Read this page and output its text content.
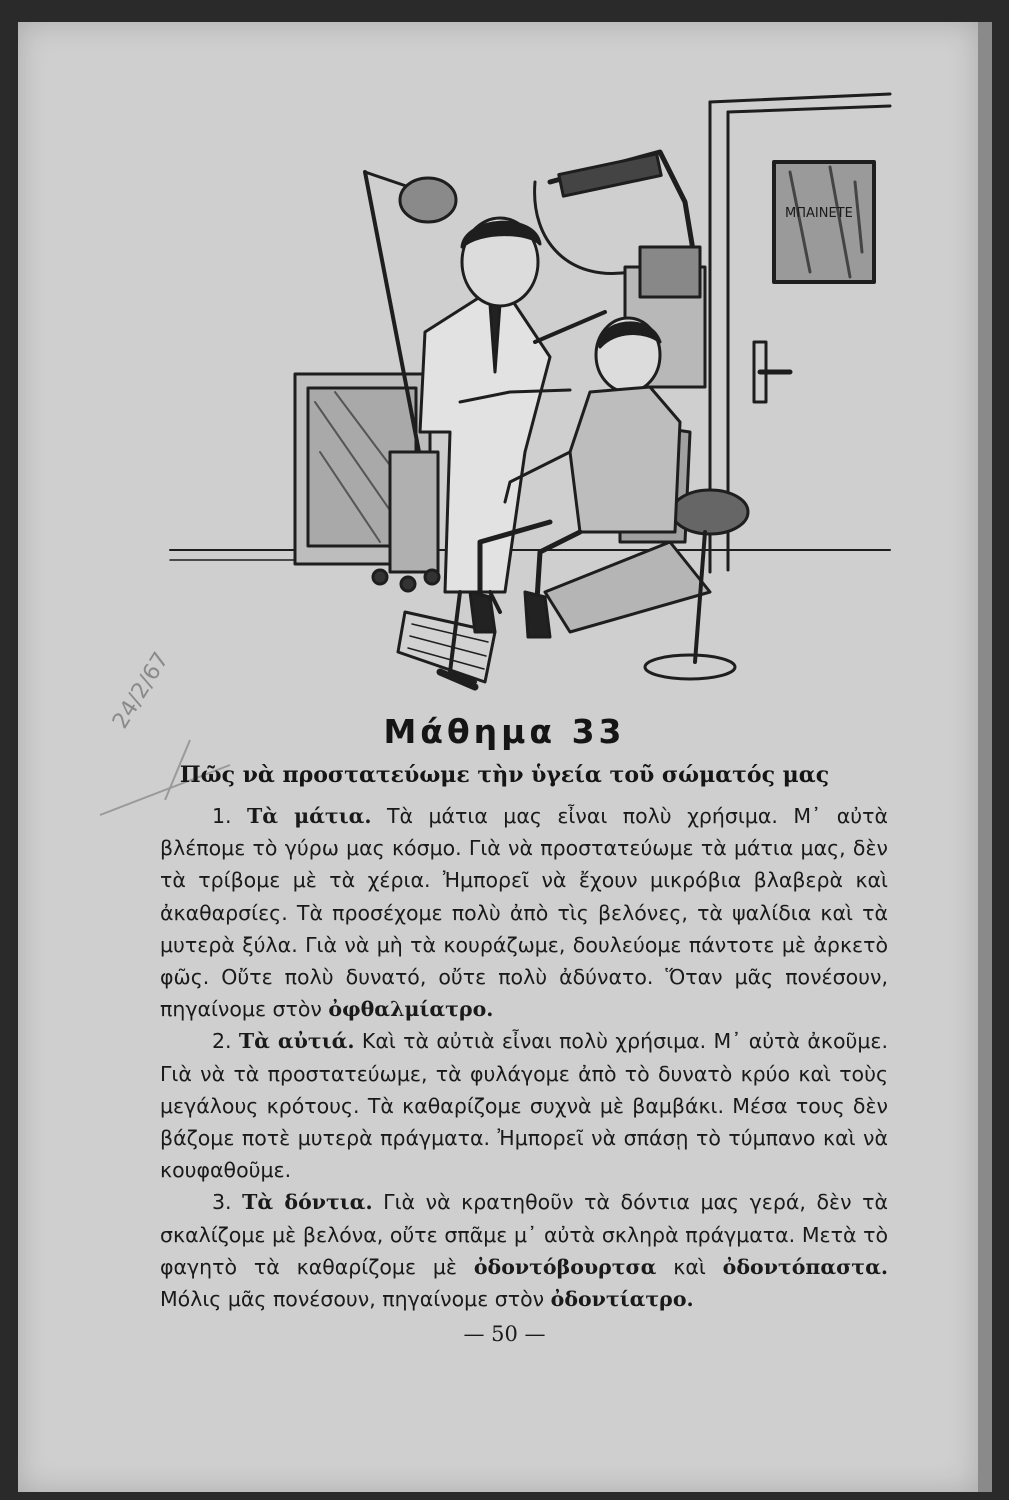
ΜΠΑΙΝΕΤΕ
24/2/67	Μάθημα 33
Πῶς νὰ προστατεύωμε τὴν ὑγεία τοῦ σώματός μας

1. Τὰ μάτια. Τὰ μάτια μας εἶναι πολὺ χρήσιμα. Μ᾿ αὐτὰ βλέπομε τὸ γύρω μας κόσμο. Γιὰ νὰ προστατεύωμε τὰ μάτια μας, δὲν τὰ τρίβομε μὲ τὰ χέρια. Ἠμπορεῖ νὰ ἔχουν μικρόβια βλαβερὰ καὶ ἀκαθαρσίες. Τὰ προσέχομε πολὺ ἀπὸ τὶς βελόνες, τὰ ψαλίδια καὶ τὰ μυτερὰ ξύλα. Γιὰ νὰ μὴ τὰ κουράζωμε, δουλεύομε πάντοτε μὲ ἀρκετὸ φῶς. Οὔτε πολὺ δυνατό, οὔτε πολὺ ἀδύνατο. Ὅταν μᾶς πονέσουν, πηγαίνομε στὸν ὀφθαλμίατρο.

2. Τὰ αὐτιά. Καὶ τὰ αὐτιὰ εἶναι πολὺ χρήσιμα. Μ᾿ αὐτὰ ἀκοῦμε. Γιὰ νὰ τὰ προστατεύωμε, τὰ φυλάγομε ἀπὸ τὸ δυνατὸ κρύο καὶ τοὺς μεγάλους κρότους. Τὰ καθαρίζομε συχνὰ μὲ βαμβάκι. Μέσα τους δὲν βάζομε ποτὲ μυτερὰ πράγματα. Ἠμπορεῖ νὰ σπάσῃ τὸ τύμπανο καὶ νὰ κουφαθοῦμε.

3. Τὰ δόντια. Γιὰ νὰ κρατηθοῦν τὰ δόντια μας γερά, δὲν τὰ σκαλίζομε μὲ βελόνα, οὔτε σπᾶμε μ᾿ αὐτὰ σκληρὰ πράγματα. Μετὰ τὸ φαγητὸ τὰ καθαρίζομε μὲ ὀδοντόβουρτσα καὶ ὀδοντόπαστα. Μόλις μᾶς πονέσουν, πηγαίνομε στὸν ὀδοντίατρο.

— 50 —
